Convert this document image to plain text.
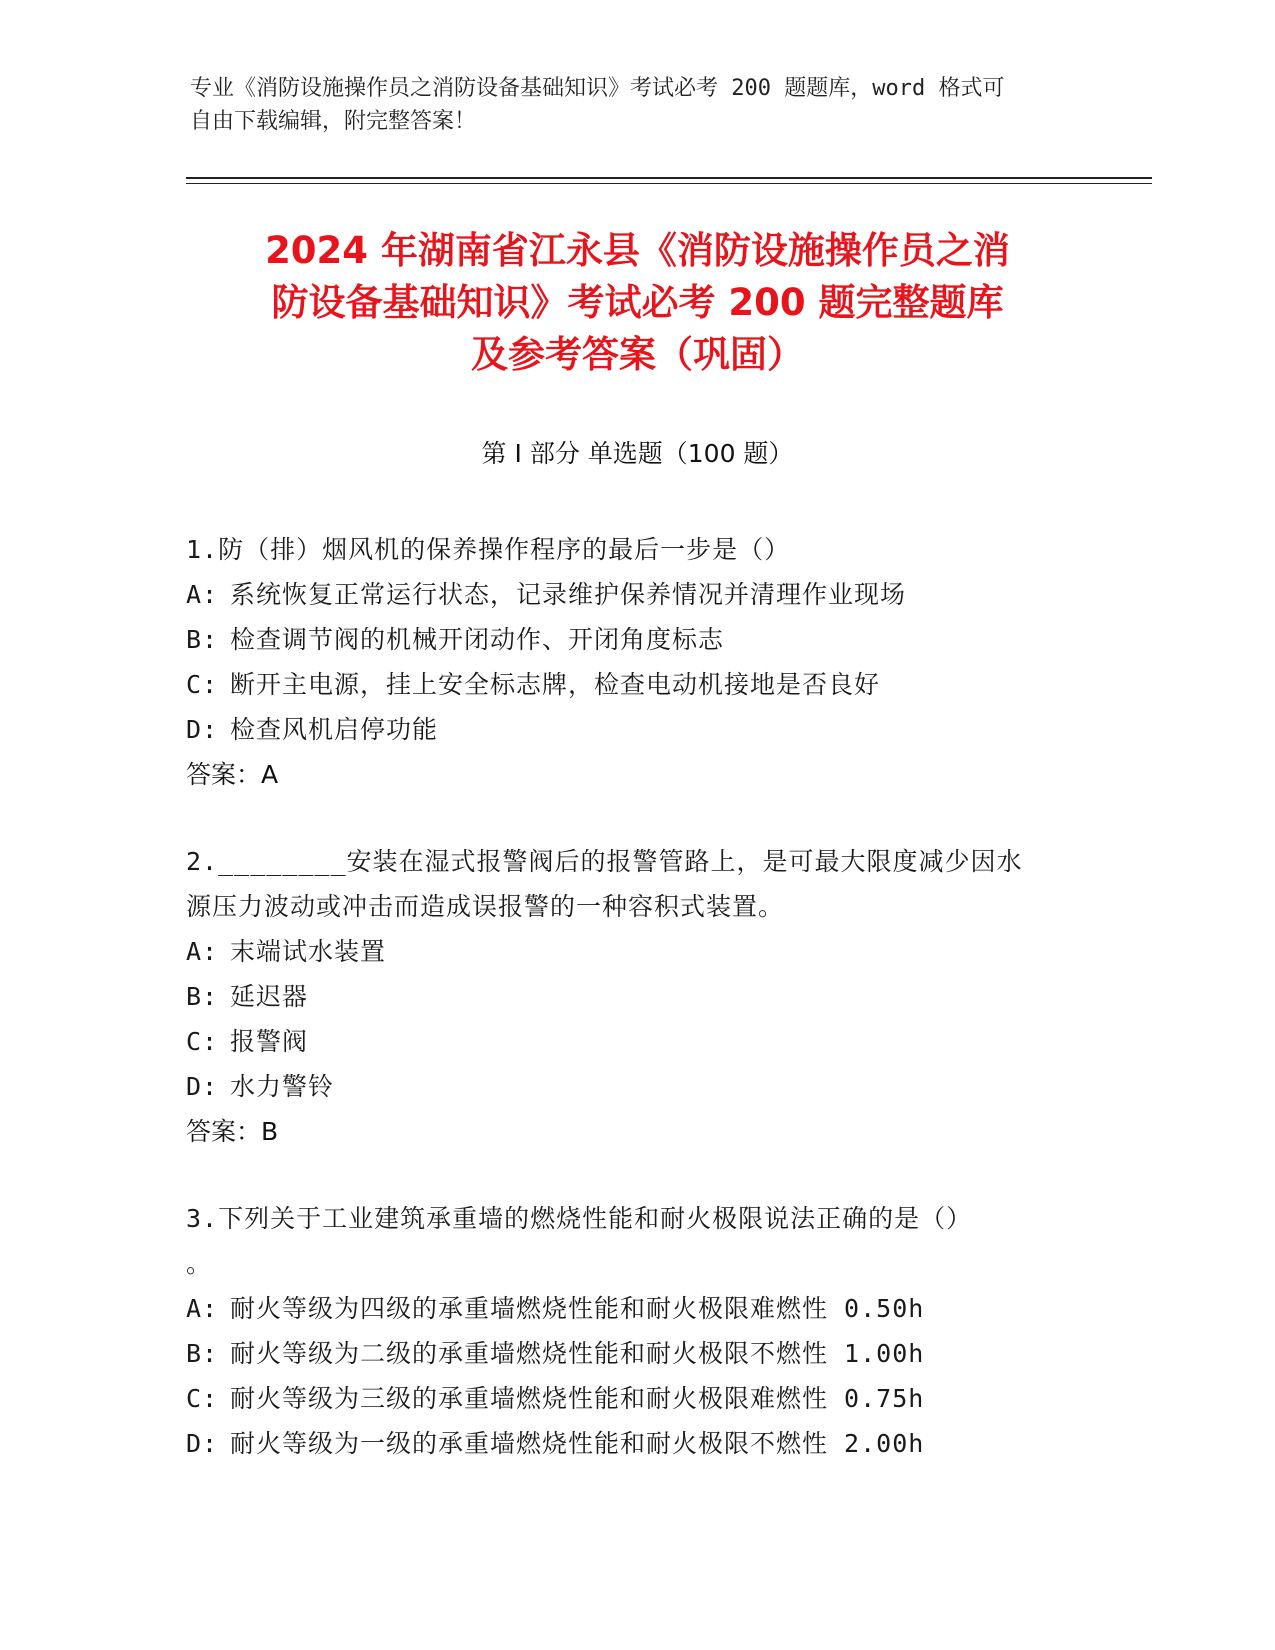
专业《消防设施操作员之消防设备基础知识》考试必考 200 题题库，word 格式可
自由下载编辑，附完整答案！
2024 年湖南省江永县《消防设施操作员之消
防设备基础知识》考试必考 200 题完整题库
及参考答案（巩固）
第 I 部分 单选题（100 题）
1.防（排）烟风机的保养操作程序的最后一步是（）
A: 系统恢复正常运行状态，记录维护保养情况并清理作业现场
B: 检查调节阀的机械开闭动作、开闭角度标志
C: 断开主电源，挂上安全标志牌，检查电动机接地是否良好
D: 检查风机启停功能
答案：A
2.________安装在湿式报警阀后的报警管路上，是可最大限度减少因水
源压力波动或冲击而造成误报警的一种容积式装置。
A: 末端试水装置
B: 延迟器
C: 报警阀
D: 水力警铃
答案：B
3.下列关于工业建筑承重墙的燃烧性能和耐火极限说法正确的是（）
。
A: 耐火等级为四级的承重墙燃烧性能和耐火极限难燃性 0.50h
B: 耐火等级为二级的承重墙燃烧性能和耐火极限不燃性 1.00h
C: 耐火等级为三级的承重墙燃烧性能和耐火极限难燃性 0.75h
D: 耐火等级为一级的承重墙燃烧性能和耐火极限不燃性 2.00h
